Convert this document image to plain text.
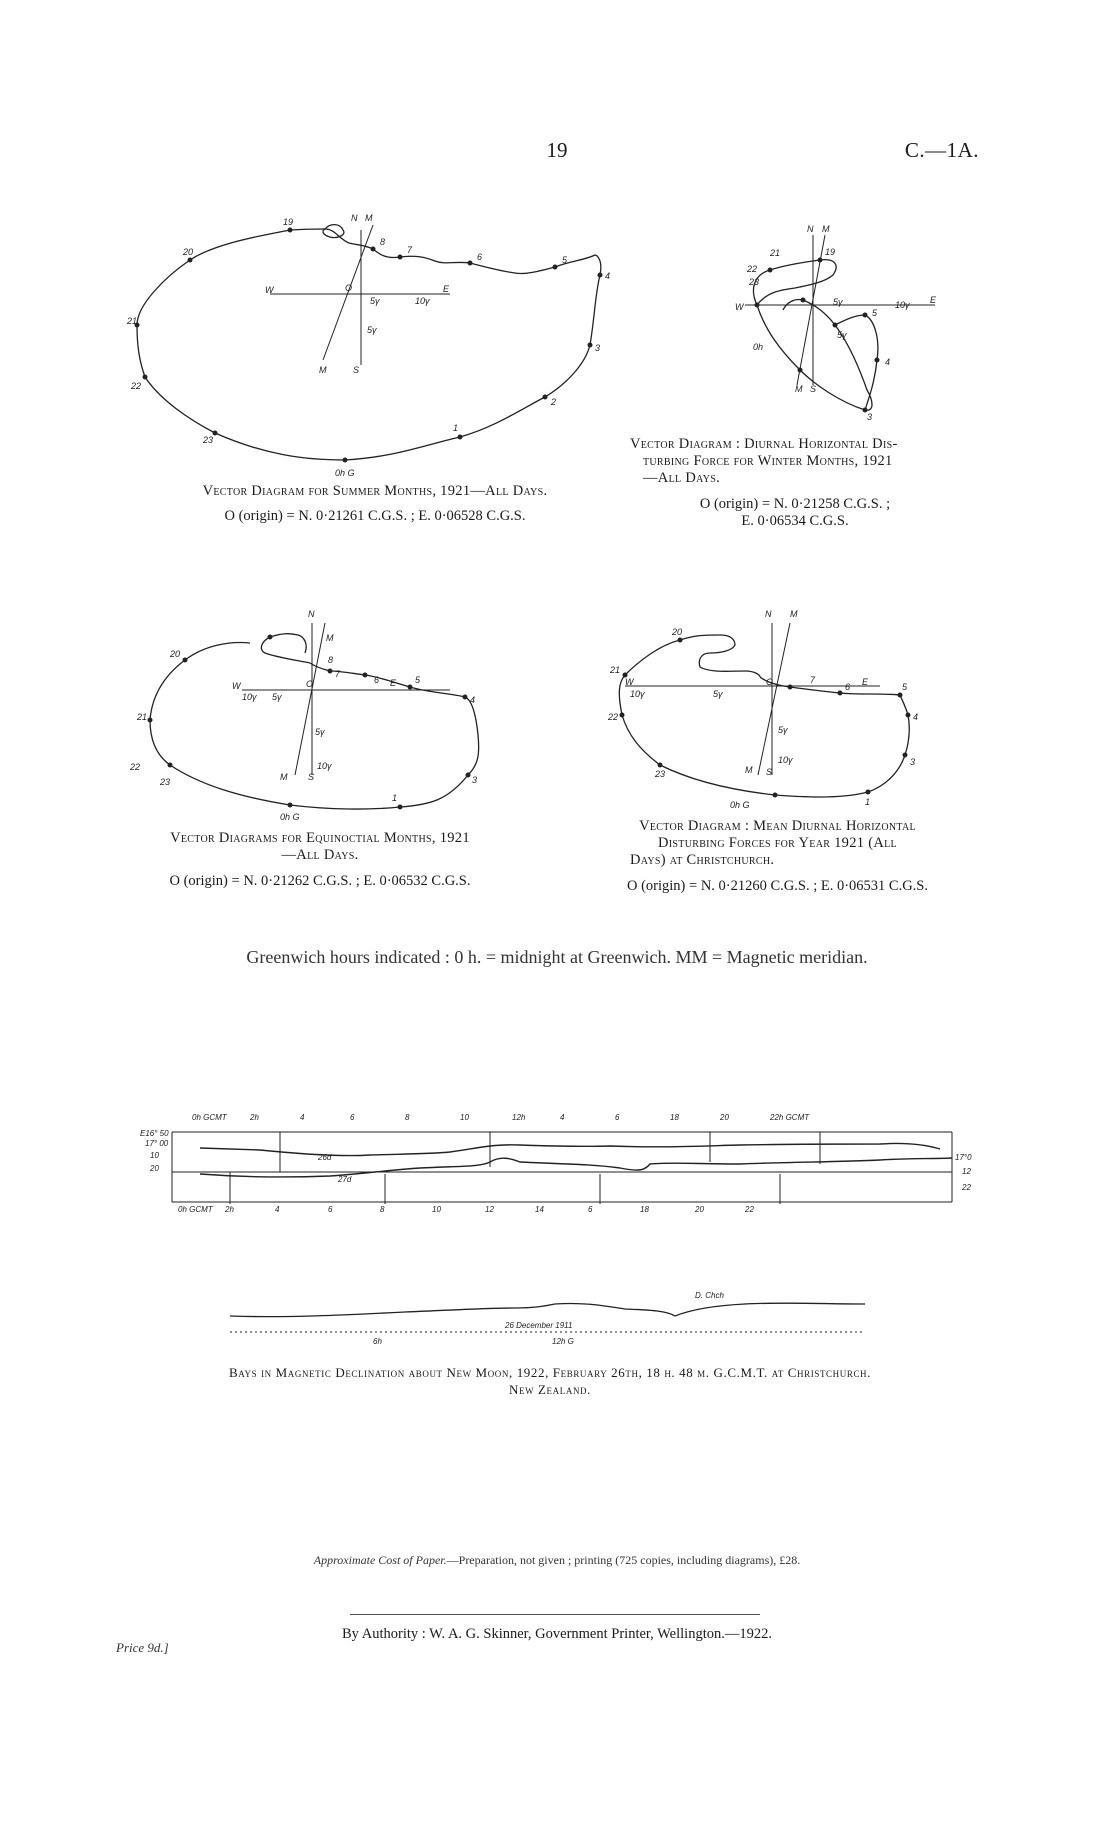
19	C.—1A.
19
20
21
22
23
0h G
1
2
3
4
5
6
7
8
M
N
S
M
W	E
O
5γ
5γ	10γ
Vector Diagram for Summer Months, 1921—All Days.
O (origin) = N. 0·21261 C.G.S. ; E. 0·06528 C.G.S.
N M
W
E
23
22
21	19
0h
4
5
3
M S
5γ	10γ
5γ
Vector Diagram : Diurnal Horizontal Dis-
turbing Force for Winter Months, 1921
—All Days.
O (origin) = N. 0·21258 C.G.S. ;
E. 0·06534 C.G.S.
N
M
20
21
22
23
0h G
1
3
4
5
6
7
8
W	E
O
5γ
10γ
M S
10γ 5γ
Vector Diagrams for Equinoctial Months, 1921
—All Days.
O (origin) = N. 0·21262 C.G.S. ; E. 0·06532 C.G.S.
N M
20
21
22
23
0h G	1
3
4
5
6
7
W	E
O
5γ
10γ
M S
5γ
10γ
Vector Diagram : Mean Diurnal Horizontal
Disturbing Forces for Year 1921 (All
Days) at Christchurch.
O (origin) = N. 0·21260 C.G.S. ; E. 0·06531 C.G.S.
Greenwich hours indicated : 0 h. = midnight at Greenwich. MM = Magnetic meridian.
E16° 50
17° 00
10
20
0h GCMT	2h	4	6	8	10	12h	4	6	18	20	22h GCMT
26d
27d
17°0
12
22
0h GCMT 2h	4	6	8	10	12	14	6	18	20	22
D. Chch
26 December 1911
6h	12h G
Bays in Magnetic Declination about New Moon, 1922, February 26th, 18 h. 48 m. G.C.M.T. at Christchurch.
New Zealand.
Approximate Cost of Paper.—Preparation, not given ; printing (725 copies, including diagrams), £28.
By Authority : W. A. G. Skinner, Government Printer, Wellington.—1922.
Price 9d.]
